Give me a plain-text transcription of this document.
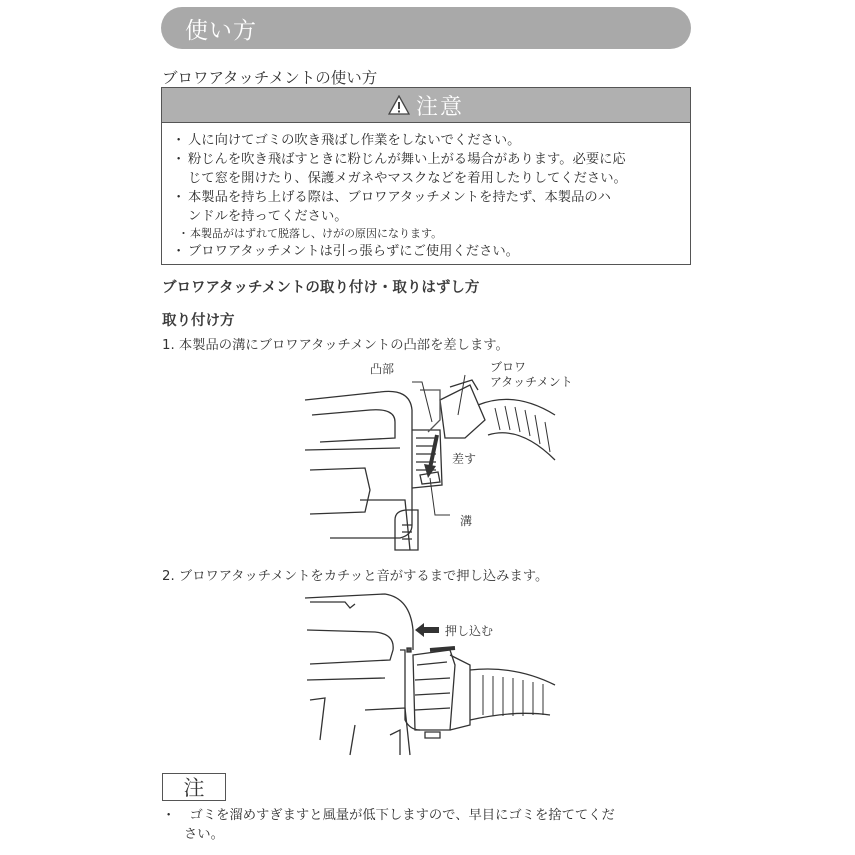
使い方
ブロワアタッチメントの使い方
注意
・ 人に向けてゴミの吹き飛ばし作業をしないでください。
・ 粉じんを吹き飛ばすときに粉じんが舞い上がる場合があります。必要に応
じて窓を開けたり、保護メガネやマスクなどを着用したりしてください。
・ 本製品を持ち上げる際は、ブロワアタッチメントを持たず、本製品のハ
ンドルを持ってください。
・ 本製品がはずれて脱落し、けがの原因になります。
・ ブロワアタッチメントは引っ張らずにご使用ください。
ブロワアタッチメントの取り付け・取りはずし方
取り付け方
1. 本製品の溝にブロワアタッチメントの凸部を差します。
凸部	ブロワ
アタッチメント
差す
溝
2. ブロワアタッチメントをカチッと音がするまで押し込みます。
押し込む
注
・ ゴミを溜めすぎますと風量が低下しますので、早目にゴミを捨ててくだ
さい。
